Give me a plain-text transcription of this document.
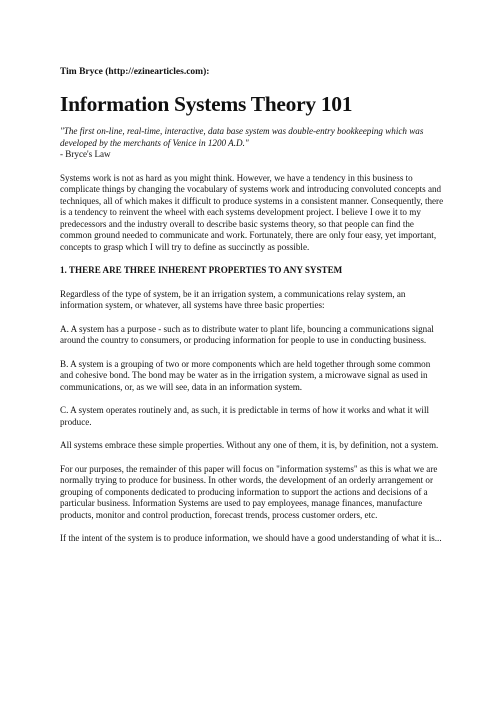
Tim Bryce (http://ezinearticles.com):

Information Systems Theory 101

"The first on-line, real-time, interactive, data base system was double-entry bookkeeping which was developed by the merchants of Venice in 1200 A.D."
- Bryce's Law

Systems work is not as hard as you might think. However, we have a tendency in this business to complicate things by changing the vocabulary of systems work and introducing convoluted concepts and techniques, all of which makes it difficult to produce systems in a consistent manner. Consequently, there is a tendency to reinvent the wheel with each systems development project. I believe I owe it to my predecessors and the industry overall to describe basic systems theory, so that people can find the common ground needed to communicate and work. Fortunately, there are only four easy, yet important, concepts to grasp which I will try to define as succinctly as possible.

1. THERE ARE THREE INHERENT PROPERTIES TO ANY SYSTEM

Regardless of the type of system, be it an irrigation system, a communications relay system, an information system, or whatever, all systems have three basic properties:

A. A system has a purpose - such as to distribute water to plant life, bouncing a communications signal around the country to consumers, or producing information for people to use in conducting business.

B. A system is a grouping of two or more components which are held together through some common and cohesive bond. The bond may be water as in the irrigation system, a microwave signal as used in communications, or, as we will see, data in an information system.

C. A system operates routinely and, as such, it is predictable in terms of how it works and what it will produce.

All systems embrace these simple properties. Without any one of them, it is, by definition, not a system.

For our purposes, the remainder of this paper will focus on "information systems" as this is what we are normally trying to produce for business. In other words, the development of an orderly arrangement or grouping of components dedicated to producing information to support the actions and decisions of a particular business. Information Systems are used to pay employees, manage finances, manufacture products, monitor and control production, forecast trends, process customer orders, etc.

If the intent of the system is to produce information, we should have a good understanding of what it is...
